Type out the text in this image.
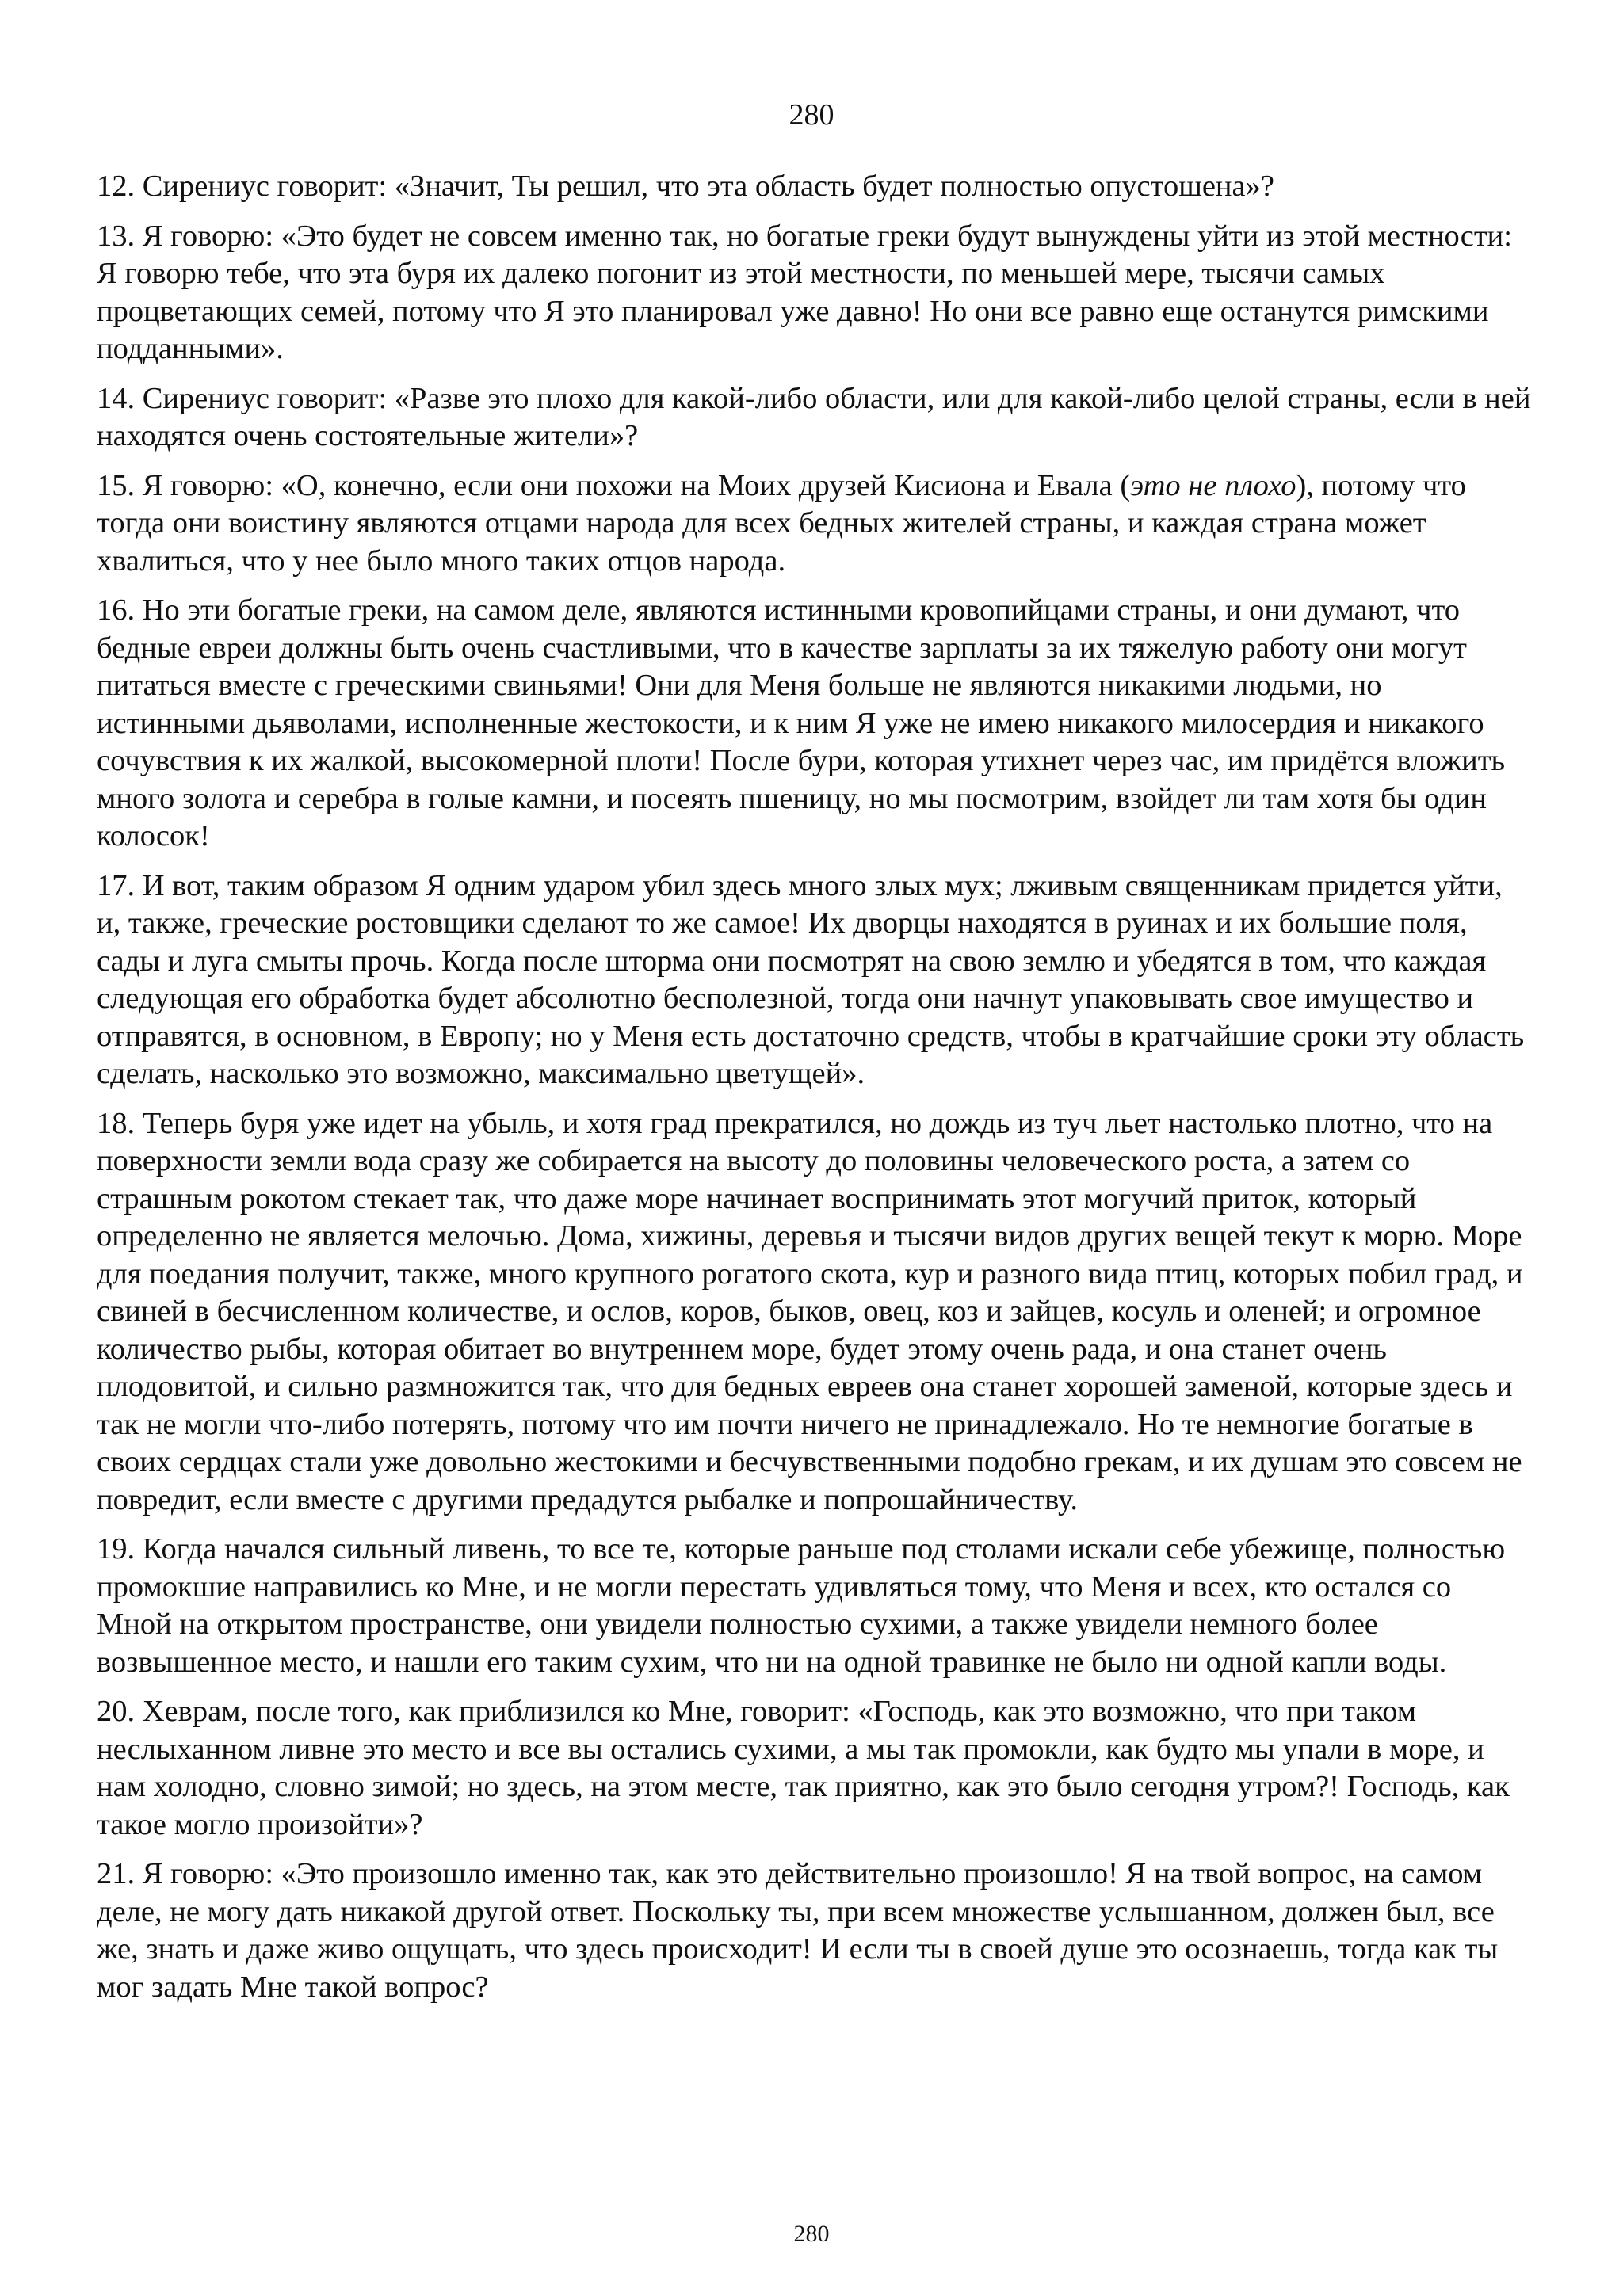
280

12. Сирениус говорит: «Значит, Ты решил, что эта область будет полностью опустошена»?

13. Я говорю: «Это будет не совсем именно так, но богатые греки будут вынуждены уйти из этой местности: Я говорю тебе, что эта буря их далеко погонит из этой местности, по меньшей мере, тысячи самых процветающих семей, потому что Я это планировал уже давно! Но они все равно еще останутся римскими подданными».

14. Сирениус говорит: «Разве это плохо для какой-либо области, или для какой-либо целой страны, если в ней находятся очень состоятельные жители»?

15. Я говорю: «О, конечно, если они похожи на Моих друзей Кисиона и Евала (это не плохо), потому что тогда они воистину являются отцами народа для всех бедных жителей страны, и каждая страна может хвалиться, что у нее было много таких отцов народа.

16. Но эти богатые греки, на самом деле, являются истинными кровопийцами страны, и они думают, что бедные евреи должны быть очень счастливыми, что в качестве зарплаты за их тяжелую работу они могут питаться вместе с греческими свиньями! Они для Меня больше не являются никакими людьми, но истинными дьяволами, исполненные жестокости, и к ним Я уже не имею никакого милосердия и никакого сочувствия к их жалкой, высокомерной плоти! После бури, которая утихнет через час, им придётся вложить много золота и серебра в голые камни, и посеять пшеницу, но мы посмотрим, взойдет ли там хотя бы один колосок!

17. И вот, таким образом Я одним ударом убил здесь много злых мух; лживым священникам придется уйти, и, также, греческие ростовщики сделают то же самое! Их дворцы находятся в руинах и их большие поля, сады и луга смыты прочь. Когда после шторма они посмотрят на свою землю и убедятся в том, что каждая следующая его обработка будет абсолютно бесполезной, тогда они начнут упаковывать свое имущество и отправятся, в основном, в Европу; но у Меня есть достаточно средств, чтобы в кратчайшие сроки эту область сделать, насколько это возможно, максимально цветущей».

18. Теперь буря уже идет на убыль, и хотя град прекратился, но дождь из туч льет настолько плотно, что на поверхности земли вода сразу же собирается на высоту до половины человеческого роста, а затем со страшным рокотом стекает так, что даже море начинает воспринимать этот могучий приток, который определенно не является мелочью. Дома, хижины, деревья и тысячи видов других вещей текут к морю. Море для поедания получит, также, много крупного рогатого скота, кур и разного вида птиц, которых побил град, и свиней в бесчисленном количестве, и ослов, коров, быков, овец, коз и зайцев, косуль и оленей; и огромное количество рыбы, которая обитает во внутреннем море, будет этому очень рада, и она станет очень плодовитой, и сильно размножится так, что для бедных евреев она станет хорошей заменой, которые здесь и так не могли что-либо потерять, потому что им почти ничего не принадлежало. Но те немногие богатые в своих сердцах стали уже довольно жестокими и бесчувственными подобно грекам, и их душам это совсем не повредит, если вместе с другими предадутся рыбалке и попрошайничеству.

19. Когда начался сильный ливень, то все те, которые раньше под столами искали себе убежище, полностью промокшие направились ко Мне, и не могли перестать удивляться тому, что Меня и всех, кто остался со Мной на открытом пространстве, они увидели полностью сухими, а также увидели немного более возвышенное место, и нашли его таким сухим, что ни на одной травинке не было ни одной капли воды.

20. Хеврам, после того, как приблизился ко Мне, говорит: «Господь, как это возможно, что при таком неслыханном ливне это место и все вы остались сухими, а мы так промокли, как будто мы упали в море, и нам холодно, словно зимой; но здесь, на этом месте, так приятно, как это было сегодня утром?! Господь, как такое могло произойти»?

21. Я говорю: «Это произошло именно так, как это действительно произошло! Я на твой вопрос, на самом деле, не могу дать никакой другой ответ. Поскольку ты, при всем множестве услышанном, должен был, все же, знать и даже живо ощущать, что здесь происходит! И если ты в своей душе это осознаешь, тогда как ты мог задать Мне такой вопрос?

280
